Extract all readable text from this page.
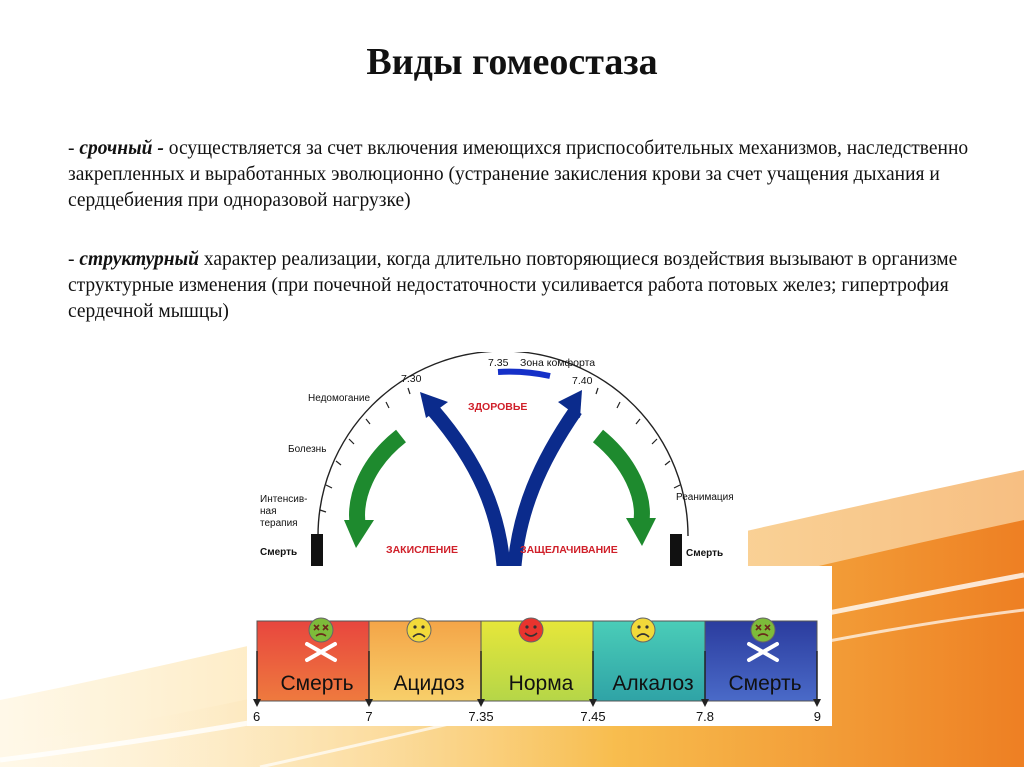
Виды гомеостаза
- срочный - осуществляется за счет включения имеющихся приспособительных механизмов, наследственно закрепленных и выработанных эволюционно (устранение закисления крови за счет учащения дыхания и сердцебиения при одноразовой нагрузке)
- структурный характер реализации, когда длительно повторяющиеся воздействия вызывают в организме структурные изменения (при почечной недостаточности усиливается работа потовых желез; гипертрофия сердечной мышцы)
7.35 Зона комфорта
7.30	7.40
ЗДОРОВЬЕ
Недомогание
Болезнь
Интенсив-
ная
терапия
Смерть
Реанимация
Смерть
ЗАКИСЛЕНИЕ	ЗАЩЕЛАЧИВАНИЕ
Смерть Ацидоз Норма Алкалоз Смерть
6	7	7.35	7.45	7.8	9
